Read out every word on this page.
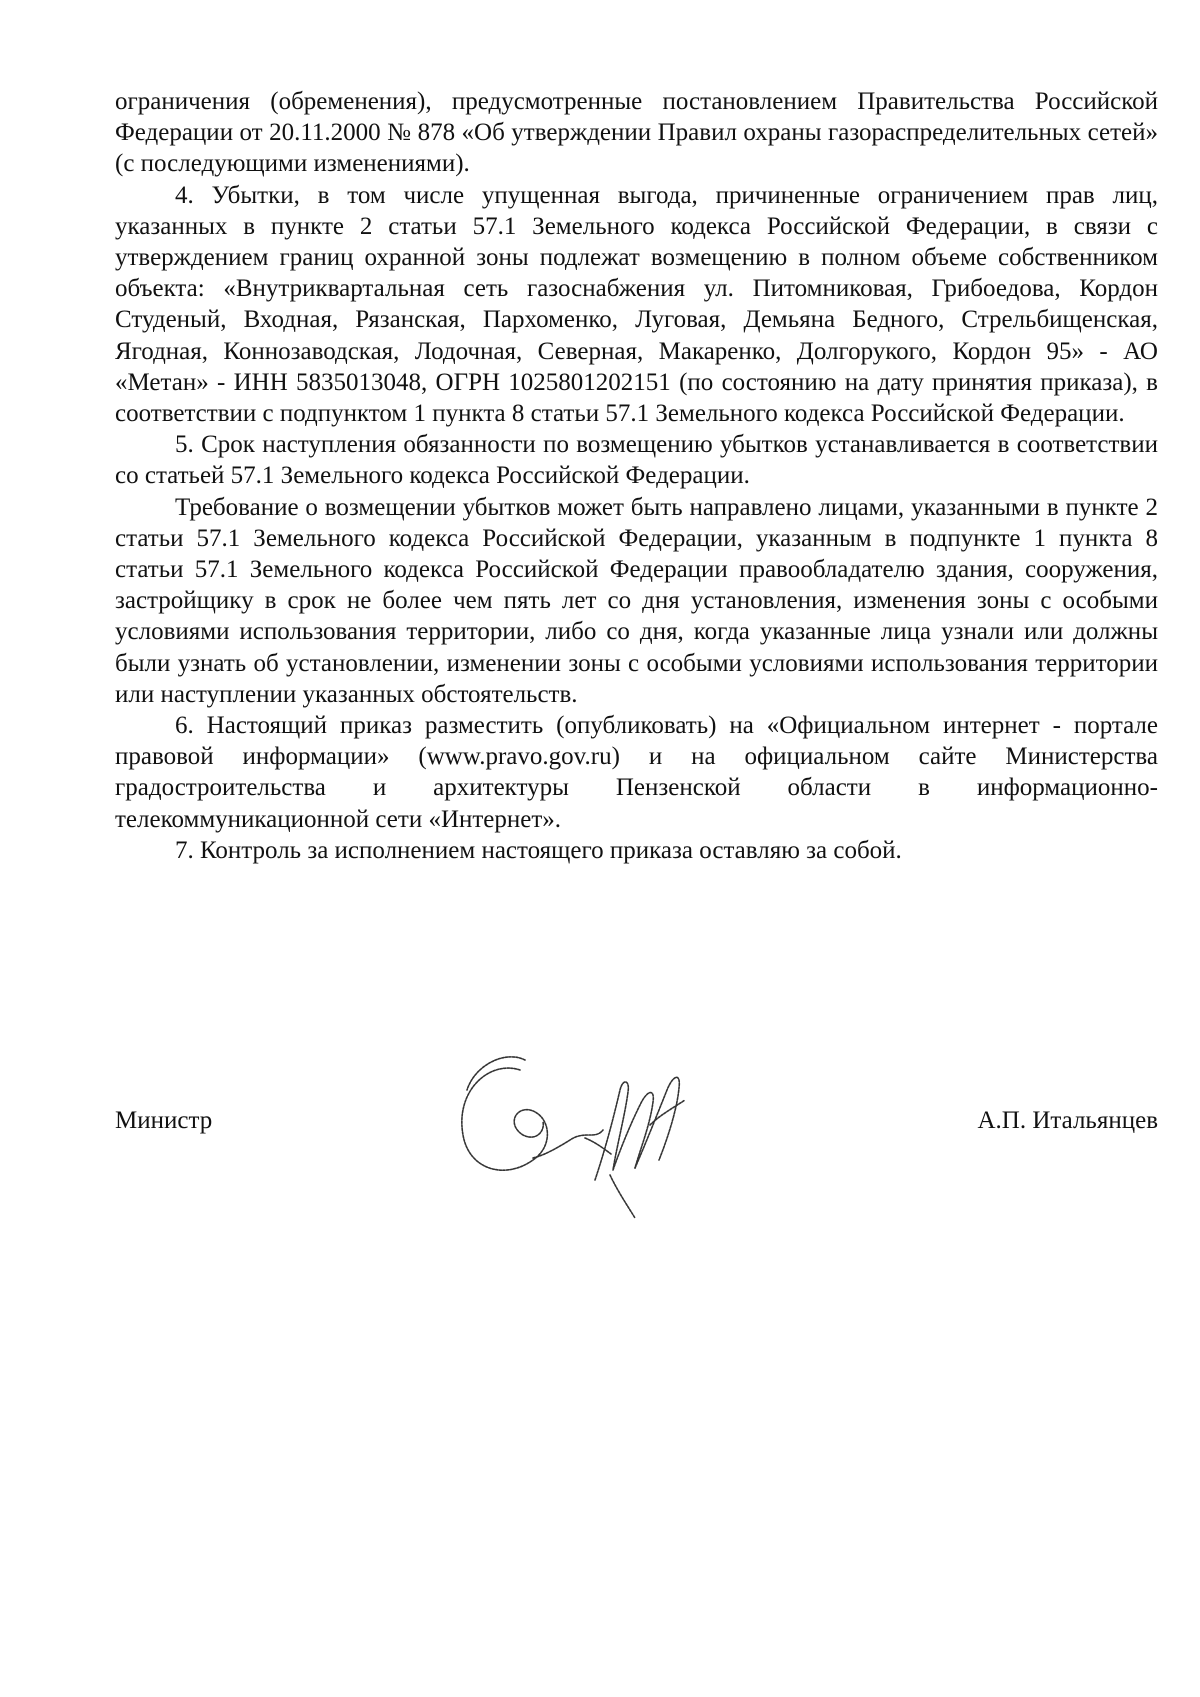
ограничения (обременения), предусмотренные постановлением Правительства Российской Федерации от 20.11.2000 № 878 «Об утверждении Правил охраны газораспределительных сетей» (с последующими изменениями).

4. Убытки, в том числе упущенная выгода, причиненные ограничением прав лиц, указанных в пункте 2 статьи 57.1 Земельного кодекса Российской Федерации, в связи с утверждением границ охранной зоны подлежат возмещению в полном объеме собственником объекта: «Внутриквартальная сеть газоснабжения ул. Питомниковая, Грибоедова, Кордон Студеный, Входная, Рязанская, Пархоменко, Луговая, Демьяна Бедного, Стрельбищенская, Ягодная, Коннозаводская, Лодочная, Северная, Макаренко, Долгорукого, Кордон 95» - АО «Метан» - ИНН 5835013048, ОГРН 1025801202151 (по состоянию на дату принятия приказа), в соответствии с подпунктом 1 пункта 8 статьи 57.1 Земельного кодекса Российской Федерации.

5. Срок наступления обязанности по возмещению убытков устанавливается в соответствии со статьей 57.1 Земельного кодекса Российской Федерации.

Требование о возмещении убытков может быть направлено лицами, указанными в пункте 2 статьи 57.1 Земельного кодекса Российской Федерации, указанным в подпункте 1 пункта 8 статьи 57.1 Земельного кодекса Российской Федерации правообладателю здания, сооружения, застройщику в срок не более чем пять лет со дня установления, изменения зоны с особыми условиями использования территории, либо со дня, когда указанные лица узнали или должны были узнать об установлении, изменении зоны с особыми условиями использования территории или наступлении указанных обстоятельств.

6. Настоящий приказ разместить (опубликовать) на «Официальном интернет - портале правовой информации» (www.pravo.gov.ru) и на официальном сайте Министерства градостроительства и архитектуры Пензенской области в информационно-телекоммуникационной сети «Интернет».

7. Контроль за исполнением настоящего приказа оставляю за собой.

Министр	А.П. Итальянцев
